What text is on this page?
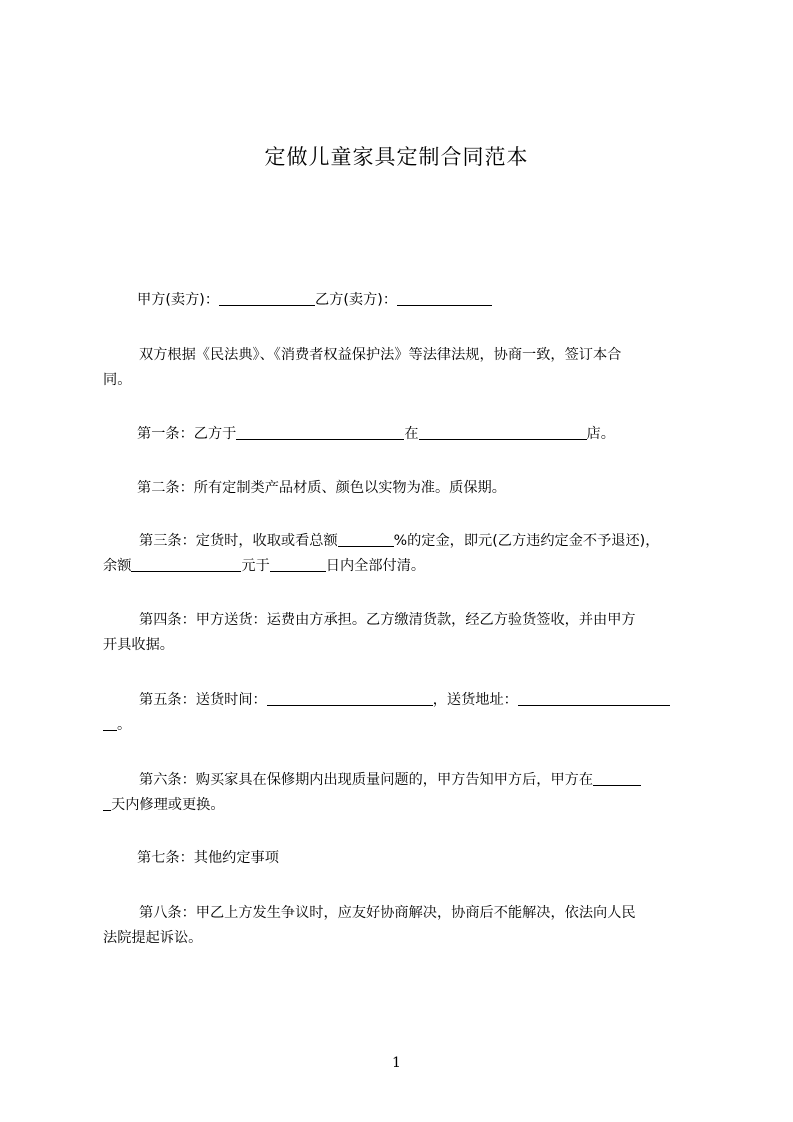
定做儿童家具定制合同范本
甲方(卖方)：	乙方(卖方)：
双方根据《民法典》、《消费者权益保护法》等法律法规，协商一致，签订本合
同。
第一条：乙方于	在	店。
第二条：所有定制类产品材质、颜色以实物为准。质保期。
第三条：定货时，收取或看总额	%的定金，即元(乙方违约定金不予退还)，
余额	元于	日内全部付清。
第四条：甲方送货：运费由方承担。乙方缴清货款，经乙方验货签收，并由甲方
开具收据。
第五条：送货时间：	，送货地址：
。
第六条：购买家具在保修期内出现质量问题的，甲方告知甲方后，甲方在
天内修理或更换。
第七条：其他约定事项
第八条：甲乙上方发生争议时，应友好协商解决，协商后不能解决，依法向人民
法院提起诉讼。
1
